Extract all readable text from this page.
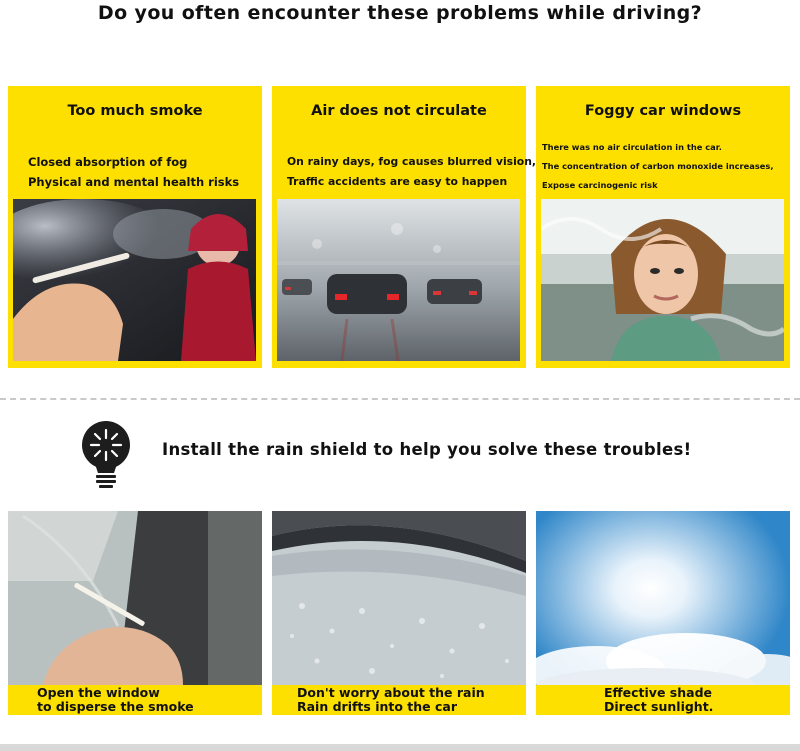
Do you often encounter these problems while driving?
Too much smoke
Closed absorption of fog
Physical and mental health risks
Air does not circulate
On rainy days, fog causes blurred vision,
Traffic accidents are easy to happen
Foggy car windows
There was no air circulation in the car.
The concentration of carbon monoxide increases,
Expose carcinogenic risk
Install the rain shield to help you solve these troubles!
Open the window
to disperse the smoke
Don't worry about the rain
Rain drifts into the car
Effective shade
Direct sunlight.
